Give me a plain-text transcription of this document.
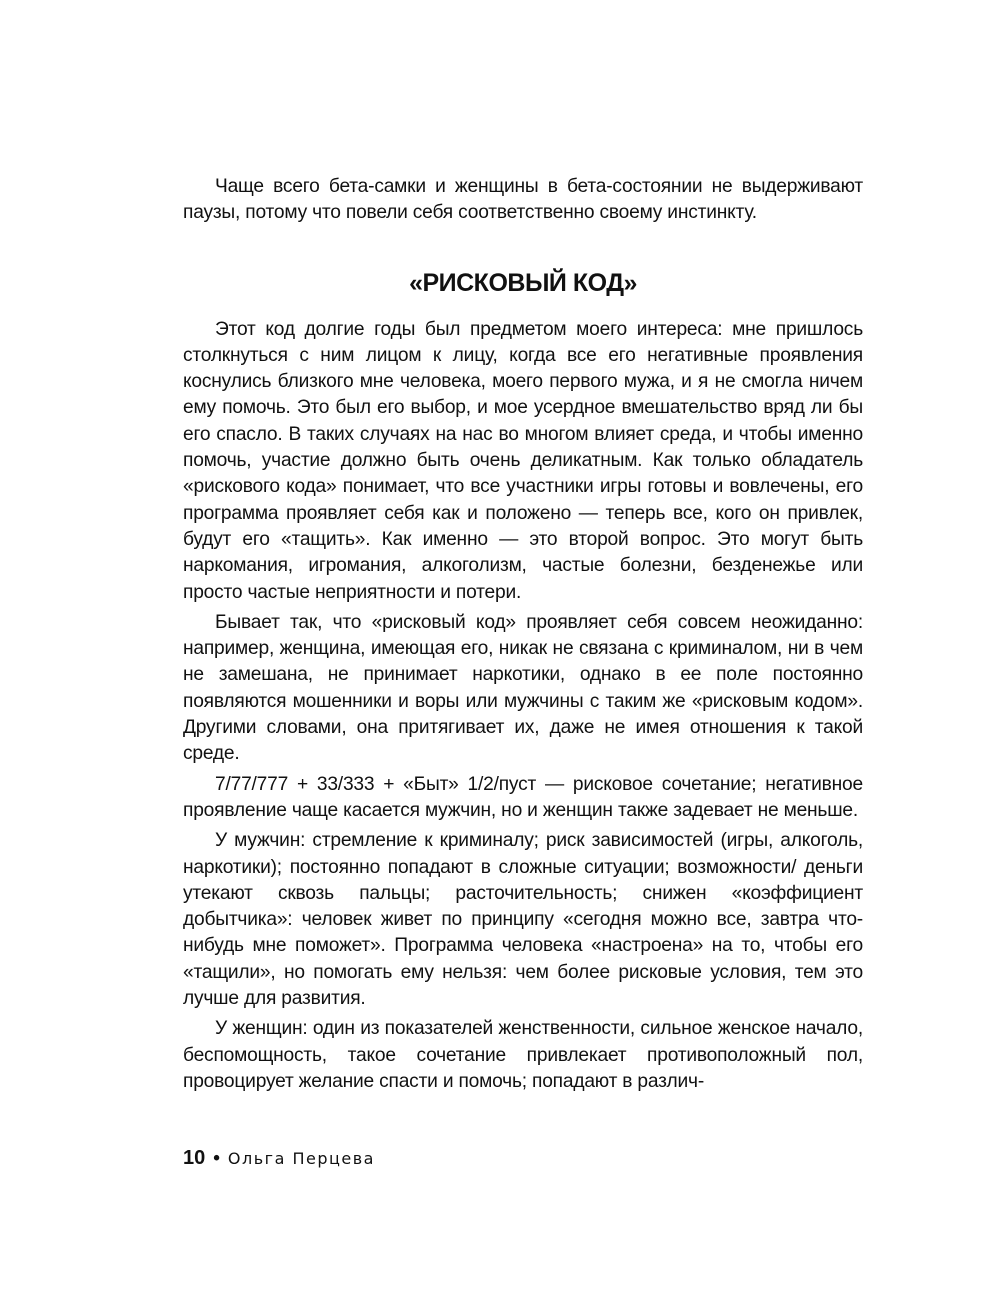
Чаще всего бета-самки и женщины в бета-состоянии не выдерживают паузы, потому что повели себя соответственно своему инстинкту.

«РИСКОВЫЙ КОД»

Этот код долгие годы был предметом моего интереса: мне пришлось столкнуться с ним лицом к лицу, когда все его негативные проявления коснулись близкого мне человека, моего первого мужа, и я не смогла ничем ему помочь. Это был его выбор, и мое усердное вмешательство вряд ли бы его спасло. В таких случаях на нас во многом влияет среда, и чтобы именно помочь, участие должно быть очень деликатным. Как только обладатель «рискового кода» понимает, что все участники игры готовы и вовлечены, его программа проявляет себя как и положено — теперь все, кого он привлек, будут его «тащить». Как именно — это второй вопрос. Это могут быть наркомания, игромания, алкоголизм, частые болезни, безденежье или просто частые неприятности и потери.

Бывает так, что «рисковый код» проявляет себя совсем неожиданно: например, женщина, имеющая его, никак не связана с криминалом, ни в чем не замешана, не принимает наркотики, однако в ее поле постоянно появляются мошенники и воры или мужчины с таким же «рисковым кодом». Другими словами, она притягивает их, даже не имея отношения к такой среде.

7/77/777 + 33/333 + «Быт» 1/2/пуст — рисковое сочетание; негативное проявление чаще касается мужчин, но и женщин также задевает не меньше.

У мужчин: стремление к криминалу; риск зависимостей (игры, алкоголь, наркотики); постоянно попадают в сложные ситуации; возможности/ деньги утекают сквозь пальцы; расточительность; снижен «коэффициент добытчика»: человек живет по принципу «сегодня можно все, завтра что-нибудь мне поможет». Программа человека «настроена» на то, чтобы его «тащили», но помогать ему нельзя: чем более рисковые условия, тем это лучше для развития.

У женщин: один из показателей женственности, сильное женское начало, беспомощность, такое сочетание привлекает противоположный пол, провоцирует желание спасти и помочь; попадают в различ-

10 • Ольга Перцева
